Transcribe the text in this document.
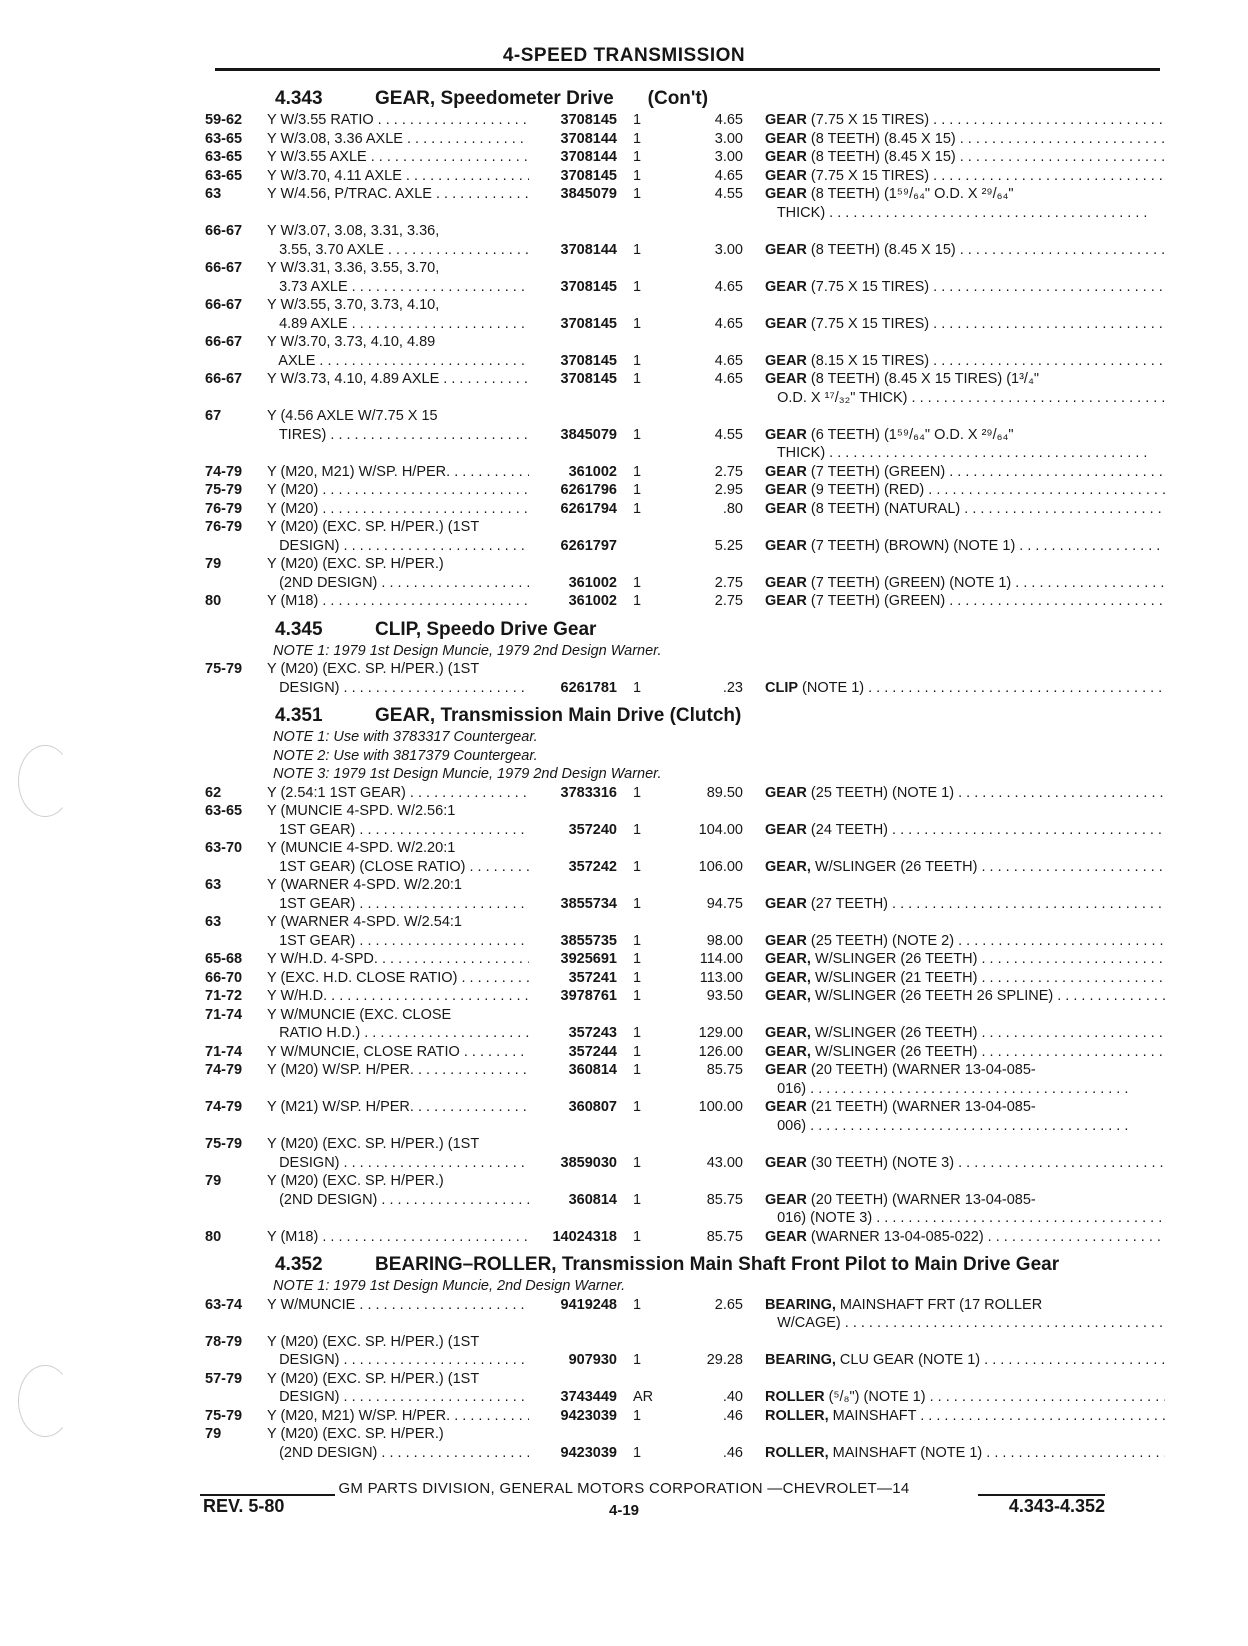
4-SPEED TRANSMISSION
4.343	GEAR, Speedometer Drive (Con't)
59-62	Y W/3.55 RATIO . . .	3708145 1	4.65 GEAR (7.75 X 15 TIRES) . . .
63-65	Y W/3.08, 3.36 AXLE . . .	3708144 1	3.00 GEAR (8 TEETH) (8.45 X 15) . . .
63-65	Y W/3.55 AXLE . . .	3708144 1	3.00 GEAR (8 TEETH) (8.45 X 15) . . .
63-65	Y W/3.70, 4.11 AXLE . . .	3708145 1	4.65 GEAR (7.75 X 15 TIRES) . . .
63	Y W/4.56, P/TRAC. AXLE . . .	3845079 1	4.55 GEAR (8 TEETH) (1⁵⁹/₆₄" O.D. X ²⁹/₆₄"
THICK) . . .
66-67	Y W/3.07, 3.08, 3.31, 3.36,
3.55, 3.70 AXLE . . .	3708144 1	3.00 GEAR (8 TEETH) (8.45 X 15) . . .
66-67	Y W/3.31, 3.36, 3.55, 3.70,
3.73 AXLE . . .	3708145 1	4.65 GEAR (7.75 X 15 TIRES) . . .
66-67	Y W/3.55, 3.70, 3.73, 4.10,
4.89 AXLE . . .	3708145 1	4.65 GEAR (7.75 X 15 TIRES) . . .
66-67	Y W/3.70, 3.73, 4.10, 4.89
AXLE . . .	3708145 1	4.65 GEAR (8.15 X 15 TIRES) . . .
66-67	Y W/3.73, 4.10, 4.89 AXLE . . .	3708145 1	4.65 GEAR (8 TEETH) (8.45 X 15 TIRES) (1³/₄"
O.D. X ¹⁷/₃₂" THICK) . . .
67	Y (4.56 AXLE W/7.75 X 15
TIRES) . . .	3845079 1	4.55 GEAR (6 TEETH) (1⁵⁹/₆₄" O.D. X ²⁹/₆₄"
THICK) . . .
74-79	Y (M20, M21) W/SP. H/PER. . . .	361002 1	2.75 GEAR (7 TEETH) (GREEN) . . .
75-79	Y (M20) . . .	6261796 1	2.95 GEAR (9 TEETH) (RED) . . .
76-79	Y (M20) . . .	6261794 1	.80 GEAR (8 TEETH) (NATURAL) . . .
76-79	Y (M20) (EXC. SP. H/PER.) (1ST
DESIGN) . . .	6261797	5.25 GEAR (7 TEETH) (BROWN) (NOTE 1) . . .
79	Y (M20) (EXC. SP. H/PER.)
(2ND DESIGN) . . .	361002 1	2.75 GEAR (7 TEETH) (GREEN) (NOTE 1) . . .
80	Y (M18) . . .	361002 1	2.75 GEAR (7 TEETH) (GREEN) . . .
4.345	CLIP, Speedo Drive Gear
NOTE 1: 1979 1st Design Muncie, 1979 2nd Design Warner.
75-79	Y (M20) (EXC. SP. H/PER.) (1ST
DESIGN) . . .	6261781 1	.23 CLIP (NOTE 1) . . .
4.351	GEAR, Transmission Main Drive (Clutch)
NOTE 1: Use with 3783317 Countergear.
NOTE 2: Use with 3817379 Countergear.
NOTE 3: 1979 1st Design Muncie, 1979 2nd Design Warner.
62	Y (2.54:1 1ST GEAR) . . .	3783316 1	89.50 GEAR (25 TEETH) (NOTE 1) . . .
63-65	Y (MUNCIE 4-SPD. W/2.56:1
1ST GEAR) . . .	357240 1	104.00 GEAR (24 TEETH) . . .
63-70	Y (MUNCIE 4-SPD. W/2.20:1
1ST GEAR) (CLOSE RATIO) . . .	357242 1	106.00 GEAR, W/SLINGER (26 TEETH) . . .
63	Y (WARNER 4-SPD. W/2.20:1
1ST GEAR) . . .	3855734 1	94.75 GEAR (27 TEETH) . . .
63	Y (WARNER 4-SPD. W/2.54:1
1ST GEAR) . . .	3855735 1	98.00 GEAR (25 TEETH) (NOTE 2) . . .
65-68	Y W/H.D. 4-SPD. . . .	3925691 1	114.00 GEAR, W/SLINGER (26 TEETH) . . .
66-70	Y (EXC. H.D. CLOSE RATIO) . . .	357241 1	113.00 GEAR, W/SLINGER (21 TEETH) . . .
71-72	Y W/H.D. . . .	3978761 1	93.50 GEAR, W/SLINGER (26 TEETH 26 SPLINE) . . .
71-74	Y W/MUNCIE (EXC. CLOSE
RATIO H.D.) . . .	357243 1	129.00 GEAR, W/SLINGER (26 TEETH) . . .
71-74	Y W/MUNCIE, CLOSE RATIO . . .	357244 1	126.00 GEAR, W/SLINGER (26 TEETH) . . .
74-79	Y (M20) W/SP. H/PER. . . .	360814 1	85.75 GEAR (20 TEETH) (WARNER 13-04-085-
016) . . .
74-79	Y (M21) W/SP. H/PER. . . .	360807 1	100.00 GEAR (21 TEETH) (WARNER 13-04-085-
006) . . .
75-79	Y (M20) (EXC. SP. H/PER.) (1ST
DESIGN) . . .	3859030 1	43.00 GEAR (30 TEETH) (NOTE 3) . . .
79	Y (M20) (EXC. SP. H/PER.)
(2ND DESIGN) . . .	360814 1	85.75 GEAR (20 TEETH) (WARNER 13-04-085-
016) (NOTE 3) . . .
80	Y (M18) . . .	14024318 1	85.75 GEAR (WARNER 13-04-085-022) . . .
4.352	BEARING–ROLLER, Transmission Main Shaft Front Pilot to Main Drive Gear
NOTE 1: 1979 1st Design Muncie, 2nd Design Warner.
63-74	Y W/MUNCIE . . .	9419248 1	2.65 BEARING, MAINSHAFT FRT (17 ROLLER
W/CAGE) . . .
78-79	Y (M20) (EXC. SP. H/PER.) (1ST
DESIGN) . . .	907930 1	29.28 BEARING, CLU GEAR (NOTE 1) . . .
57-79	Y (M20) (EXC. SP. H/PER.) (1ST
DESIGN) . . .	3743449 AR	.40 ROLLER (⁵/₈") (NOTE 1) . . .
75-79	Y (M20, M21) W/SP. H/PER. . . .	9423039 1	.46 ROLLER, MAINSHAFT . . .
79	Y (M20) (EXC. SP. H/PER.)
(2ND DESIGN) . . .	9423039 1	.46 ROLLER, MAINSHAFT (NOTE 1) . . .
GM PARTS DIVISION, GENERAL MOTORS CORPORATION —CHEVROLET—14
REV. 5-80	4-19	4.343-4.352
